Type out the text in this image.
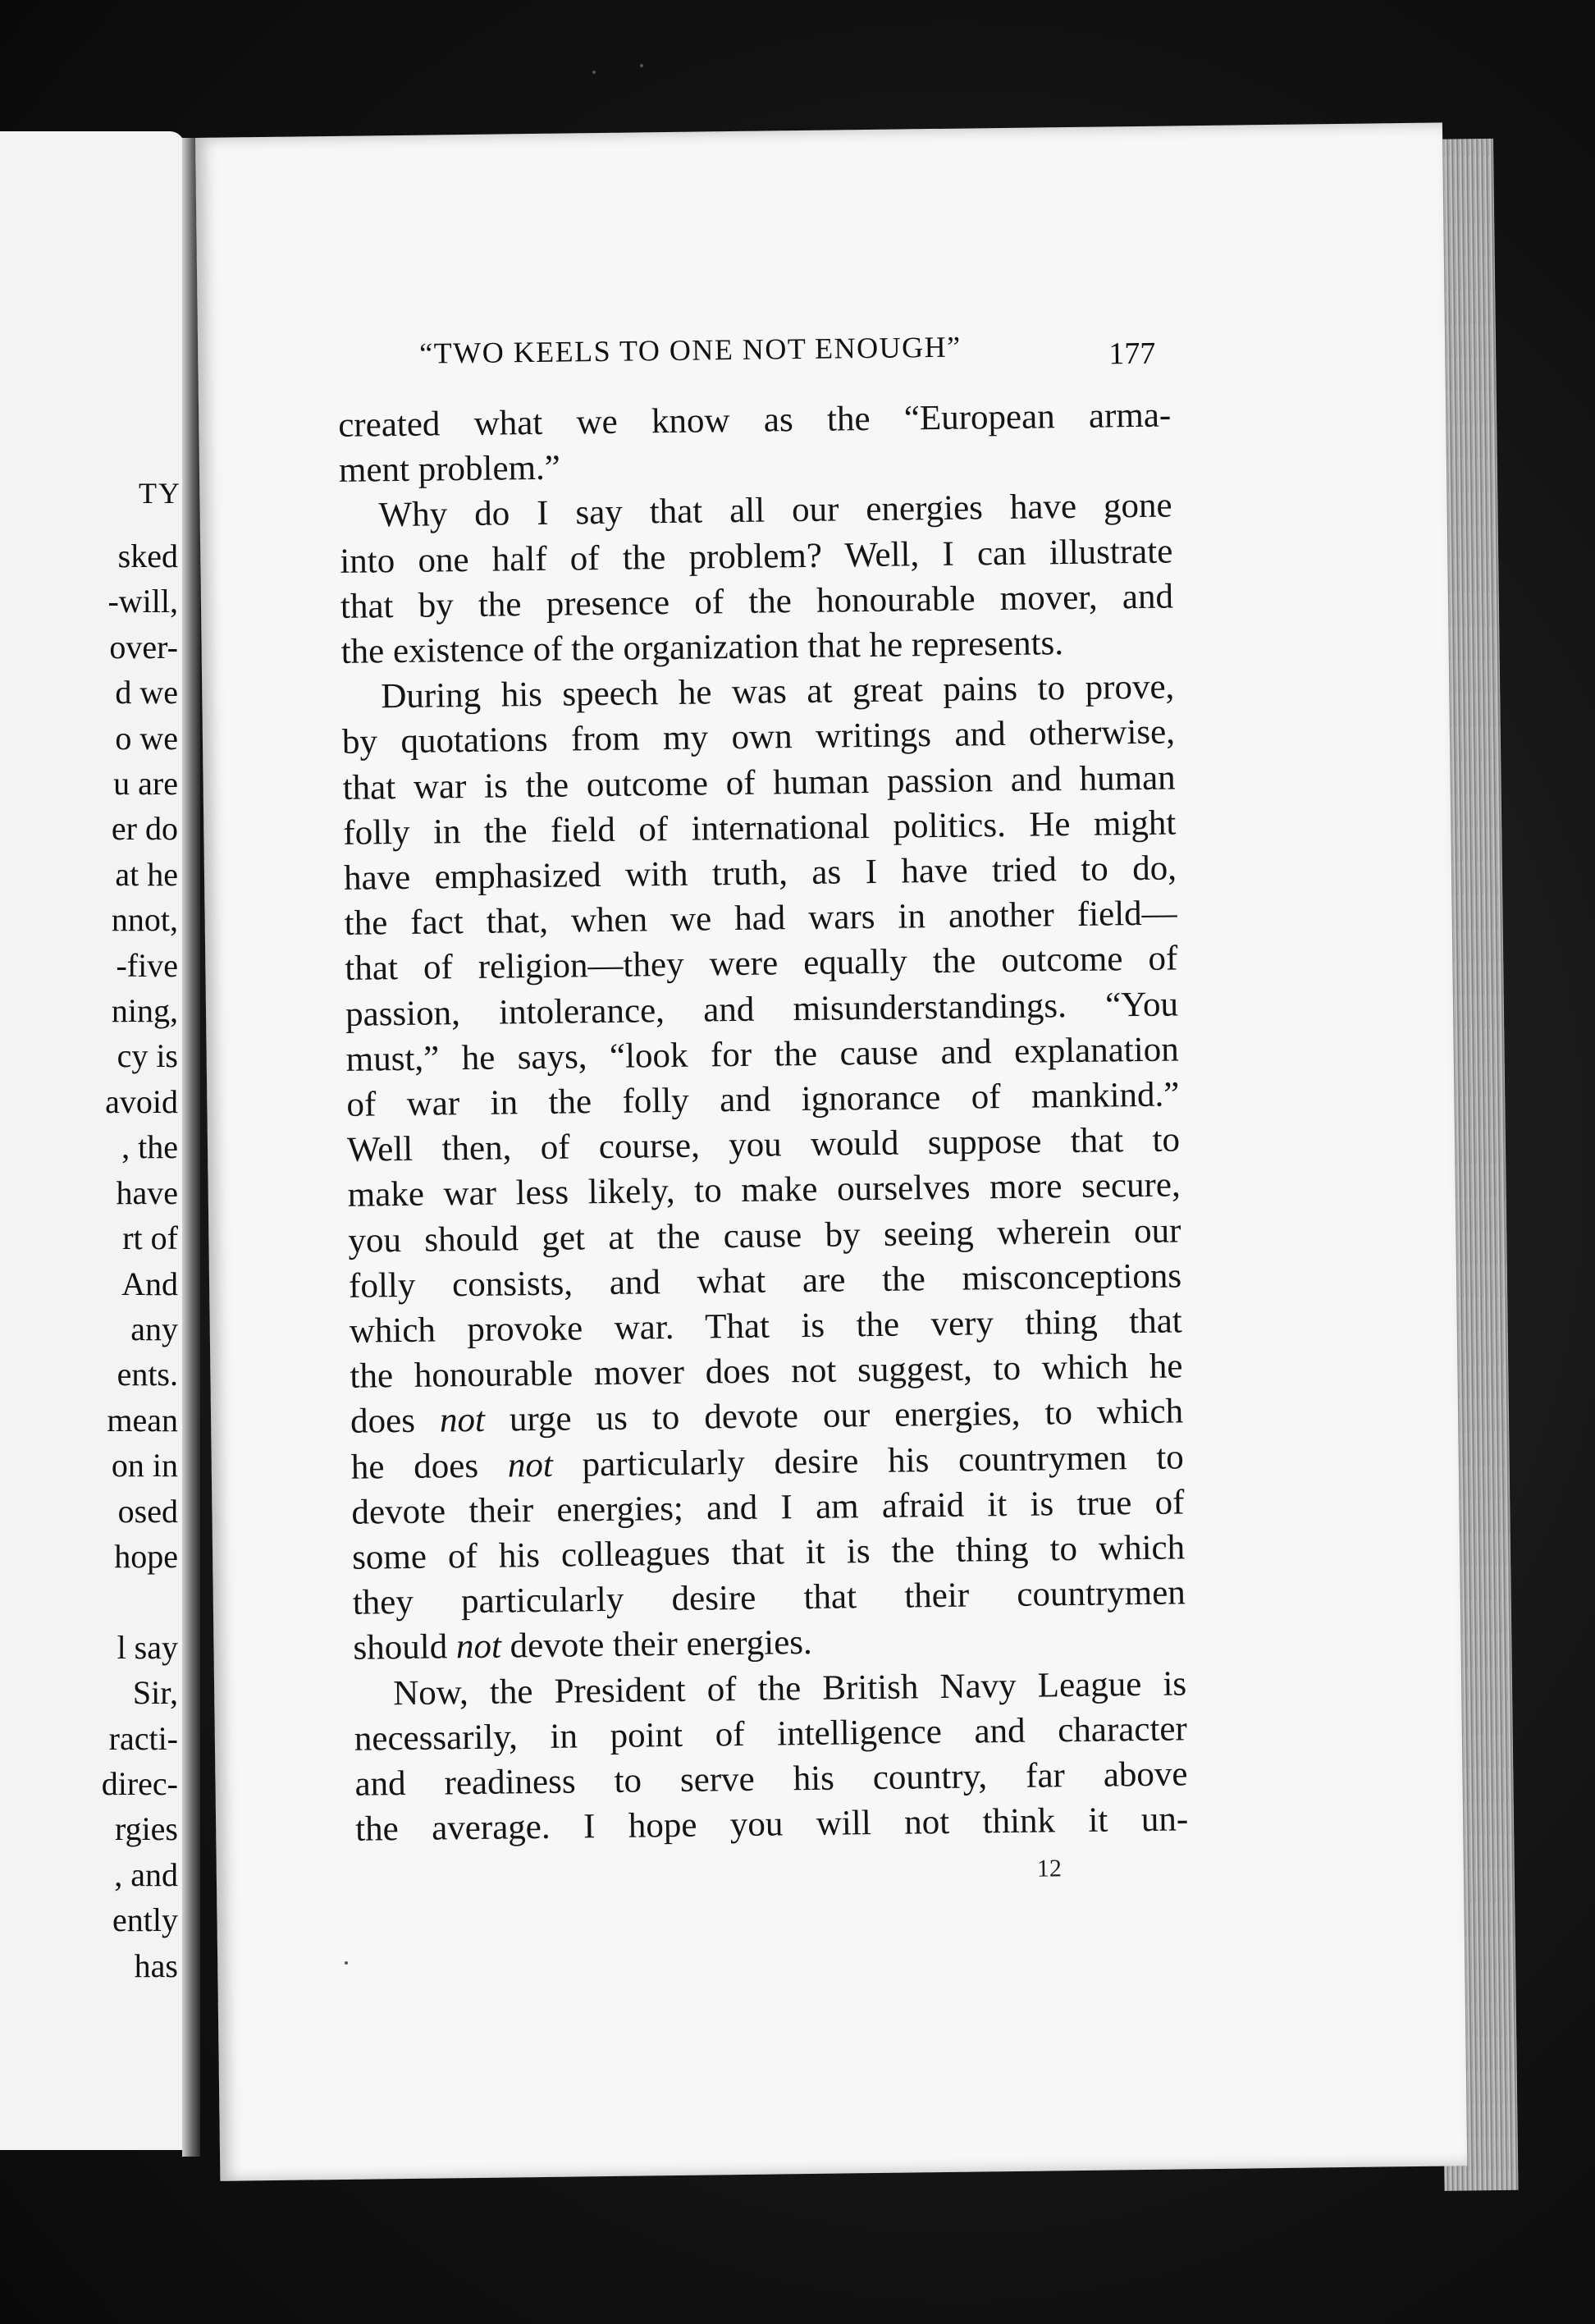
TY
sked
-will,
over-
d we
o we
u are
er do
at he
nnot,
-five
ning,
cy is
avoid
, the
have
rt of
And
any
ents.
mean
on in
osed
hope

l say
Sir,
racti-
direc-
rgies
, and
ently
has
“TWO KEELS TO ONE NOT ENOUGH”	177
created what we know as the “European arma-
ment problem.”
Why do I say that all our energies have gone
into one half of the problem? Well, I can illustrate
that by the presence of the honourable mover, and
the existence of the organization that he represents.
During his speech he was at great pains to prove,
by quotations from my own writings and otherwise,
that war is the outcome of human passion and human
folly in the field of international politics. He might
have emphasized with truth, as I have tried to do,
the fact that, when we had wars in another field—
that of religion—they were equally the outcome of
passion, intolerance, and misunderstandings. “You
must,” he says, “look for the cause and explanation
of war in the folly and ignorance of mankind.”
Well then, of course, you would suppose that to
make war less likely, to make ourselves more secure,
you should get at the cause by seeing wherein our
folly consists, and what are the misconceptions
which provoke war. That is the very thing that
the honourable mover does not suggest, to which he
does not urge us to devote our energies, to which
he does not particularly desire his countrymen to
devote their energies; and I am afraid it is true of
some of his colleagues that it is the thing to which
they particularly desire that their countrymen
should not devote their energies.
Now, the President of the British Navy League is
necessarily, in point of intelligence and character
and readiness to serve his country, far above
the average. I hope you will not think it un-
12
